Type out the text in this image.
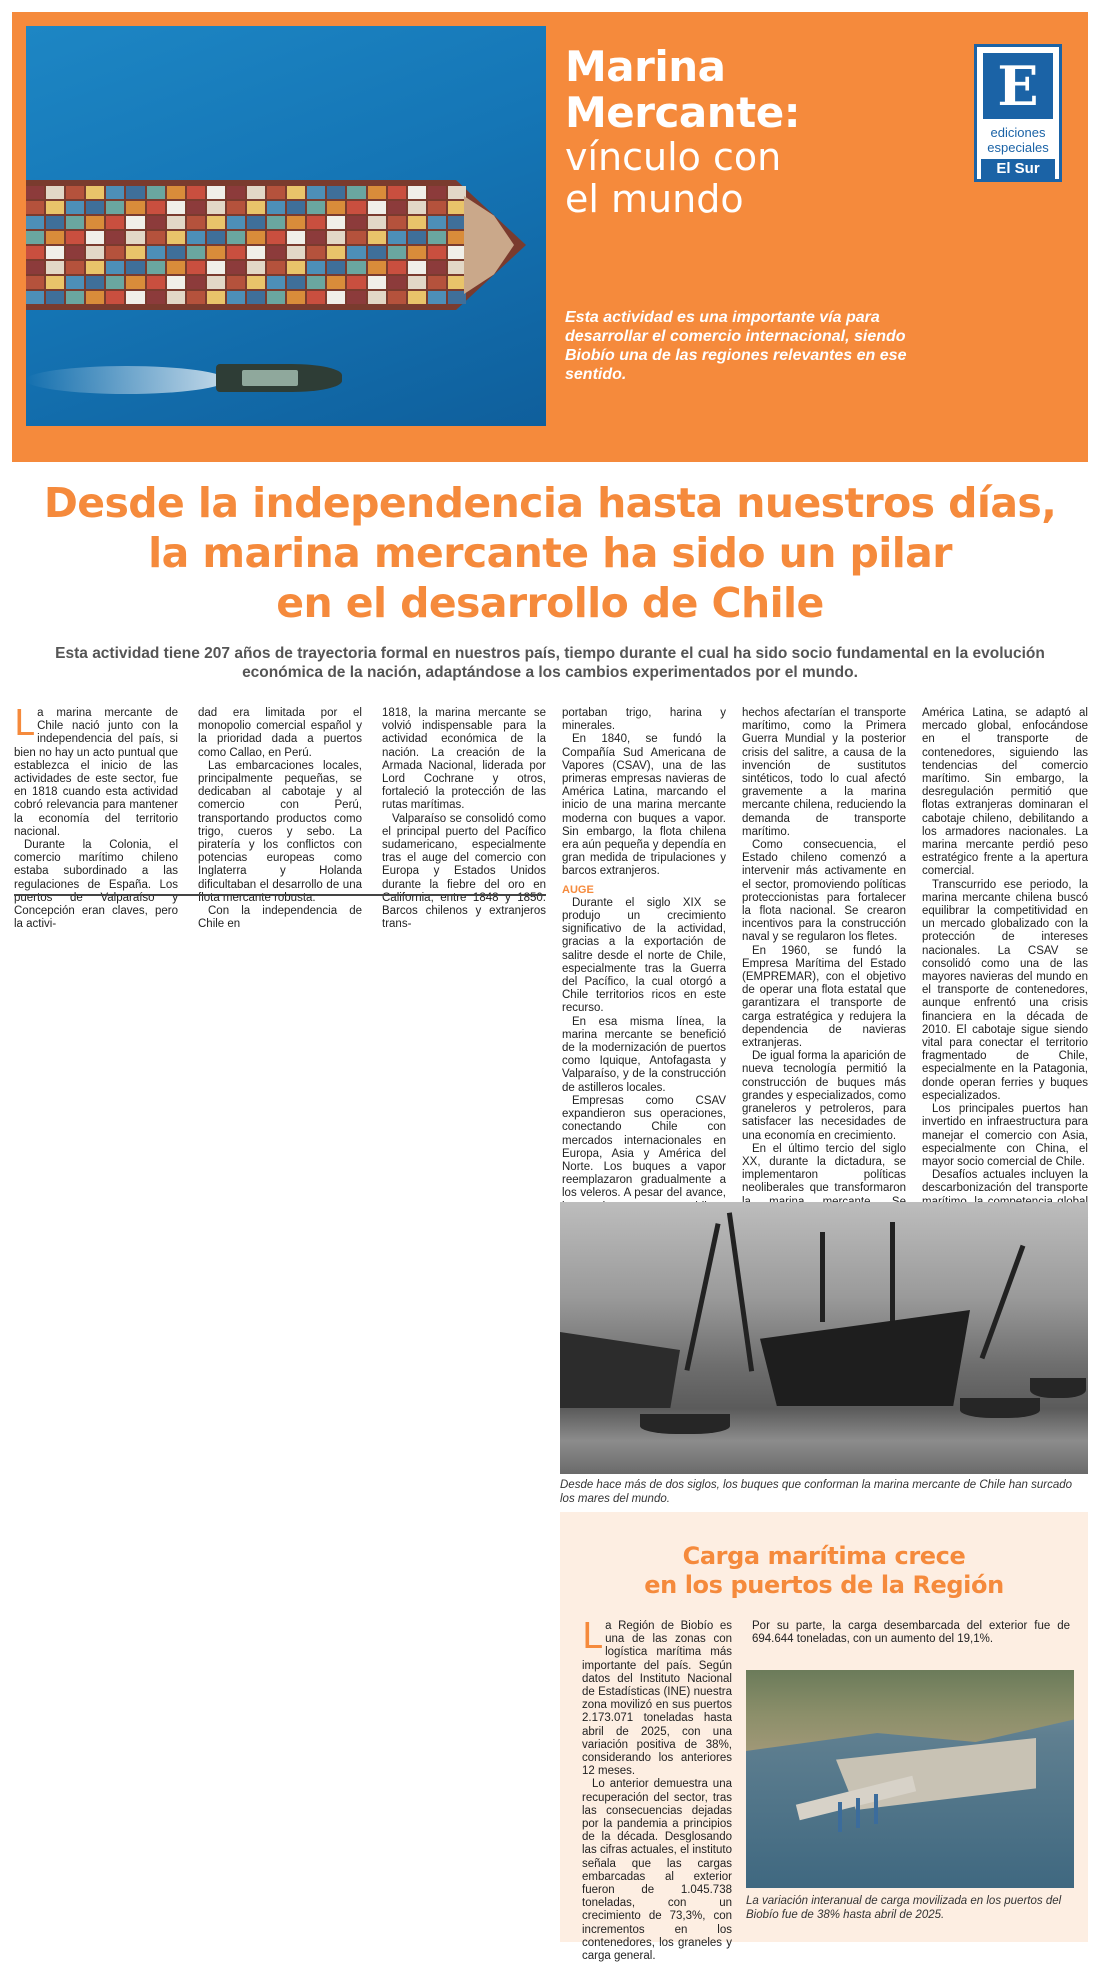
Marina
Mercante:
vínculo con
el mundo
Esta actividad es una importante vía para desarrollar el comercio internacional, siendo Biobío una de las regiones relevantes en ese sentido.
E
ediciones
especiales
El Sur
Desde la independencia hasta nuestros días,
la marina mercante ha sido un pilar
en el desarrollo de Chile
Esta actividad tiene 207 años de trayectoria formal en nuestros país, tiempo durante el cual ha sido socio fundamental en la evolución económica de la nación, adaptándose a los cambios experimentados por el mundo.

La marina mercante de Chile nació junto con la independencia del país, si bien no hay un acto puntual que establezca el inicio de las actividades de este sector, fue en 1818 cuando esta actividad cobró relevancia para mantener la economía del territorio nacional.

Durante la Colonia, el comercio marítimo chileno estaba subordinado a las regulaciones de España. Los puertos de Valparaíso y Concepción eran claves, pero la activi-

dad era limitada por el monopolio comercial español y la prioridad dada a puertos como Callao, en Perú.

Las embarcaciones locales, principalmente pequeñas, se dedicaban al cabotaje y al comercio con Perú, transportando productos como trigo, cueros y sebo. La piratería y los conflictos con potencias europeas como Inglaterra y Holanda dificultaban el desarrollo de una flota mercante robusta.

Con la independencia de Chile en

1818, la marina mercante se volvió indispensable para la actividad económica de la nación. La creación de la Armada Nacional, liderada por Lord Cochrane y otros, fortaleció la protección de las rutas marítimas.

Valparaíso se consolidó como el principal puerto del Pacífico sudamericano, especialmente tras el auge del comercio con Europa y Estados Unidos durante la fiebre del oro en California, entre 1848 y 1850. Barcos chilenos y extranjeros trans-

portaban trigo, harina y minerales.

En 1840, se fundó la Compañía Sud Americana de Vapores (CSAV), una de las primeras empresas navieras de América Latina, marcando el inicio de una marina mercante moderna con buques a vapor. Sin embargo, la flota chilena era aún pequeña y dependía en gran medida de tripulaciones y barcos extranjeros.

AUGE

Durante el siglo XIX se produjo un crecimiento significativo de la actividad, gracias a la exportación de salitre desde el norte de Chile, especialmente tras la Guerra del Pacífico, la cual otorgó a Chile territorios ricos en este recurso.

En esa misma línea, la marina mercante se benefició de la modernización de puertos como Iquique, Antofagasta y Valparaíso, y de la construcción de astilleros locales.

Empresas como CSAV expandieron sus operaciones, conectando Chile con mercados internacionales en Europa, Asia y América del Norte. Los buques a vapor reemplazaron gradualmente a los veleros. A pesar del avance,

hechos afectarían el transporte marítimo, como la Primera Guerra Mundial y la posterior crisis del salitre, a causa de la invención de sustitutos sintéticos, todo lo cual afectó gravemente a la marina mercante chilena, reduciendo la demanda de transporte marítimo.

Como consecuencia, el Estado chileno comenzó a intervenir más activamente en el sector, promoviendo políticas proteccionistas para fortalecer la flota nacional. Se crearon incentivos para la construcción naval y se regularon los fletes.

En 1960, se fundó la Empresa Marítima del Estado (EMPREMAR), con el objetivo de operar una flota estatal que garantizara el transporte de carga estratégica y redujera la dependencia de navieras extranjeras.

De igual forma la aparición de nueva tecnología permitió la construcción de buques más grandes y especializados, como graneleros y petroleros, para satisfacer las necesidades de una economía en crecimiento.

En el último tercio del siglo XX, durante la dictadura, se implementaron políticas neoliberales que transformaron

América Latina, se adaptó al mercado global, enfocándose en el transporte de contenedores, siguiendo las tendencias del comercio marítimo. Sin embargo, la desregulación permitió que flotas extranjeras dominaran el cabotaje chileno, debilitando a los armadores nacionales. La marina mercante perdió peso estratégico frente a la apertura comercial.

Transcurrido ese periodo, la marina mercante chilena buscó equilibrar la competitividad en un mercado globalizado con la protección de intereses nacionales. La CSAV se consolidó como una de las mayores navieras del mundo en el transporte de contenedores, aunque enfrentó una crisis financiera en la década de 2010. El cabotaje sigue siendo vital para conectar el territorio fragmentado de Chile, especialmente en la Patagonia, donde operan ferries y buques especializados.

Los principales puertos han invertido en infraestructura para manejar el comercio con Asia, especialmente con China, el mayor socio comercial de Chile.

Desafíos actuales incluyen la descarbonización del transporte

Desde hace más de dos siglos, los buques que conforman la marina mercante de Chile han surcado los mares del mundo.
Carga marítima crece
en los puertos de la Región

La Región de Biobío es una de las zonas con logística marítima más importante del país. Según datos del Instituto Nacional de Estadísticas (INE) nuestra zona movilizó en sus puertos 2.173.071 toneladas hasta abril de 2025, con una variación positiva de 38%, considerando los anteriores 12 meses.

Lo anterior demuestra una recuperación del sector, tras las consecuencias dejadas por la pandemia a principios de la década. Desglosando las cifras actuales, el instituto señala que las cargas embarcadas al exterior fueron de 1.045.738 toneladas, con un crecimiento de 73,3%, con incrementos en los contenedores, los graneles y carga general.

Por su parte, la carga desembarcada del exterior fue de 694.644 toneladas, con un aumento del 19,1%.

La variación interanual de carga movilizada en los puertos del Biobío fue de 38% hasta abril de 2025.
